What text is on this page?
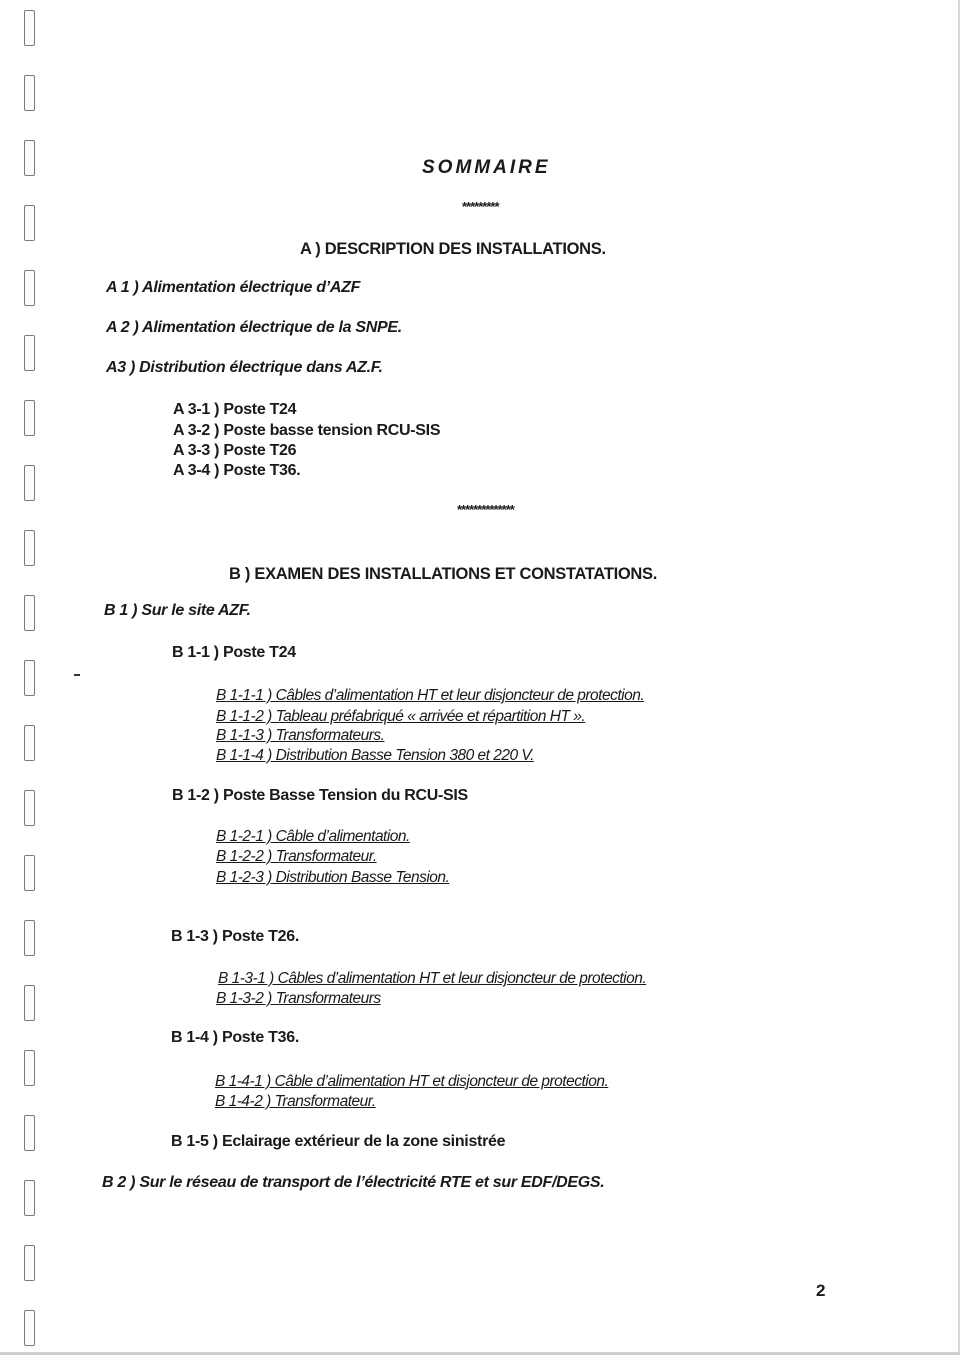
SOMMAIRE
*********
A ) DESCRIPTION DES INSTALLATIONS.
A 1 ) Alimentation électrique d’AZF
A 2 ) Alimentation électrique de la SNPE.
A3 ) Distribution électrique dans AZ.F.
A 3-1 ) Poste T24
A 3-2 ) Poste basse tension RCU-SIS
A 3-3 ) Poste T26
A 3-4 ) Poste T36.
**************
B ) EXAMEN DES INSTALLATIONS ET CONSTATATIONS.
B 1 ) Sur le site AZF.
B 1-1 ) Poste T24
B 1-1-1 ) Câbles d’alimentation HT et leur disjoncteur de protection.
B 1-1-2 ) Tableau préfabriqué « arrivée et répartition HT ».
B 1-1-3 ) Transformateurs.
B 1-1-4 ) Distribution Basse Tension 380 et 220 V.
B 1-2 ) Poste Basse Tension du RCU-SIS
B 1-2-1 ) Câble d’alimentation.
B 1-2-2 ) Transformateur.
B 1-2-3 ) Distribution Basse Tension.
B 1-3 ) Poste T26.
B 1-3-1 ) Câbles d’alimentation HT et leur disjoncteur de protection.
B 1-3-2 ) Transformateurs
B 1-4 ) Poste T36.
B 1-4-1 ) Câble d’alimentation HT et disjoncteur de protection.
B 1-4-2 ) Transformateur.
B 1-5 ) Eclairage extérieur de la zone sinistrée
B 2 ) Sur le réseau de transport de l’électricité RTE et sur EDF/DEGS.
2
